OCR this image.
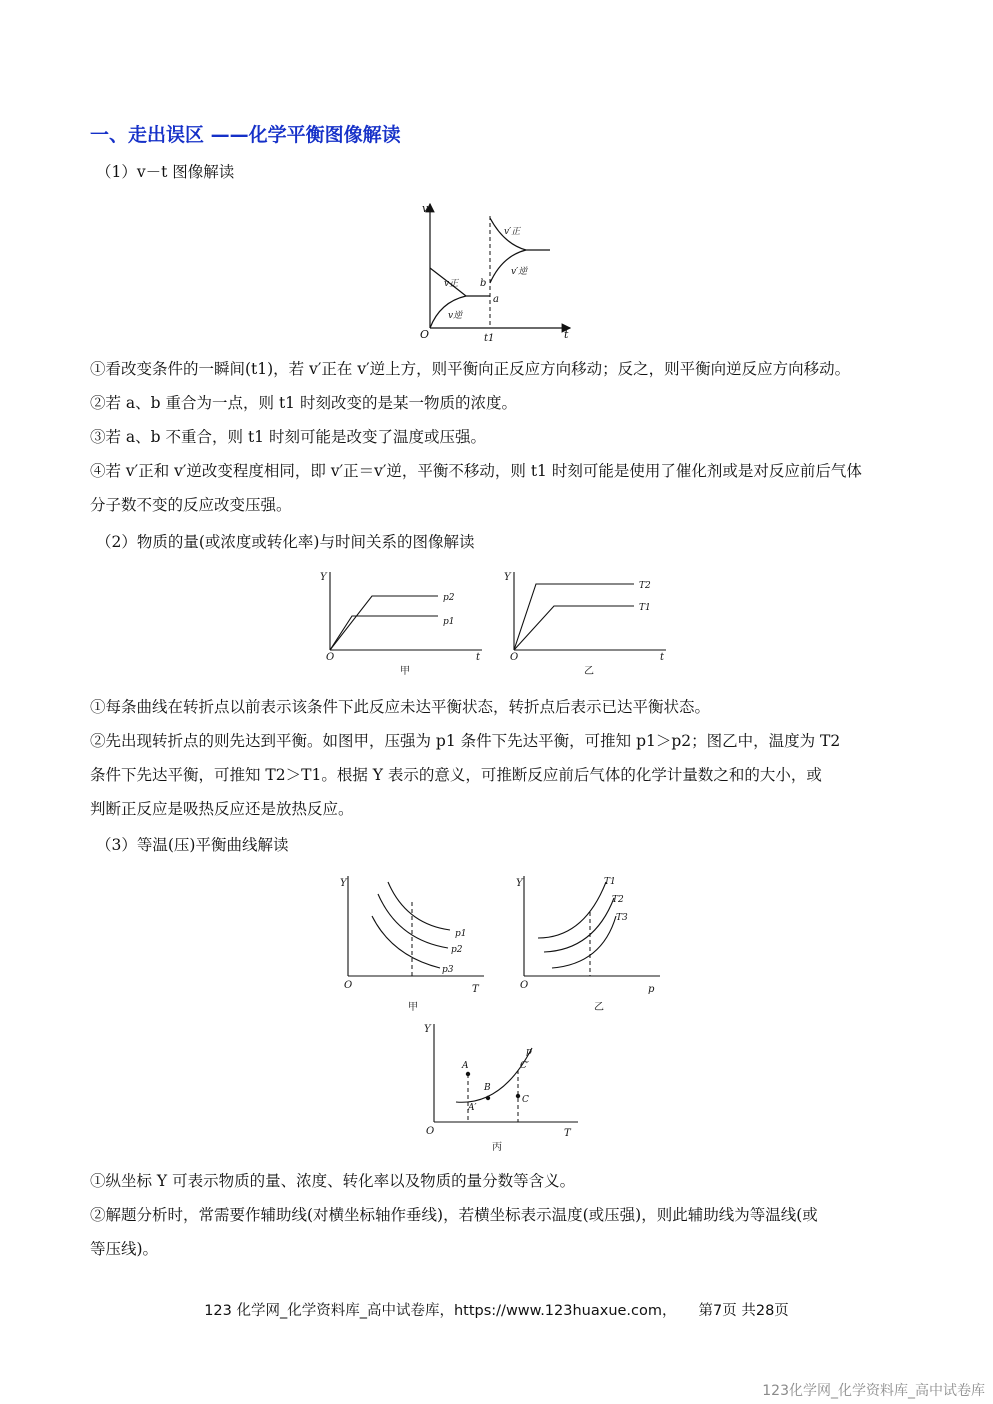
一、走出误区 ——化学平衡图像解读
（1）v－t 图像解读
v
t
O	t1
v正
v逆
v′正
v′逆
a
b
①看改变条件的一瞬间(t1)，若 v′正在 v′逆上方，则平衡向正反应方向移动；反之，则平衡向逆反应方向移动。
②若 a、b 重合为一点，则 t1 时刻改变的是某一物质的浓度。
③若 a、b 不重合，则 t1 时刻可能是改变了温度或压强。
④若 v′正和 v′逆改变程度相同，即 v′正＝v′逆，平衡不移动，则 t1 时刻可能是使用了催化剂或是对反应前后气体
分子数不变的反应改变压强。
（2）物质的量(或浓度或转化率)与时间关系的图像解读
Y
t
O
p2
p1
甲
Y
t
O
T2
T1
乙
①每条曲线在转折点以前表示该条件下此反应未达平衡状态，转折点后表示已达平衡状态。
②先出现转折点的则先达到平衡。如图甲，压强为 p1 条件下先达平衡，可推知 p1＞p2；图乙中，温度为 T2
条件下先达平衡，可推知 T2＞T1。根据 Y 表示的意义，可推断反应前后气体的化学计量数之和的大小，或
判断正反应是吸热反应还是放热反应。
（3）等温(压)平衡曲线解读
Y
T
O
p1
p2
p3
甲
Y
p
O
T1
T2
T3
乙
Y
T
O
p
A
B
C′
A′
C
丙
①纵坐标 Y 可表示物质的量、浓度、转化率以及物质的量分数等含义。
②解题分析时，常需要作辅助线(对横坐标轴作垂线)，若横坐标表示温度(或压强)，则此辅助线为等温线(或
等压线)。
123 化学网_化学资料库_高中试卷库，https://www.123huaxue.com， 第7页 共28页
123化学网_化学资料库_高中试卷库
